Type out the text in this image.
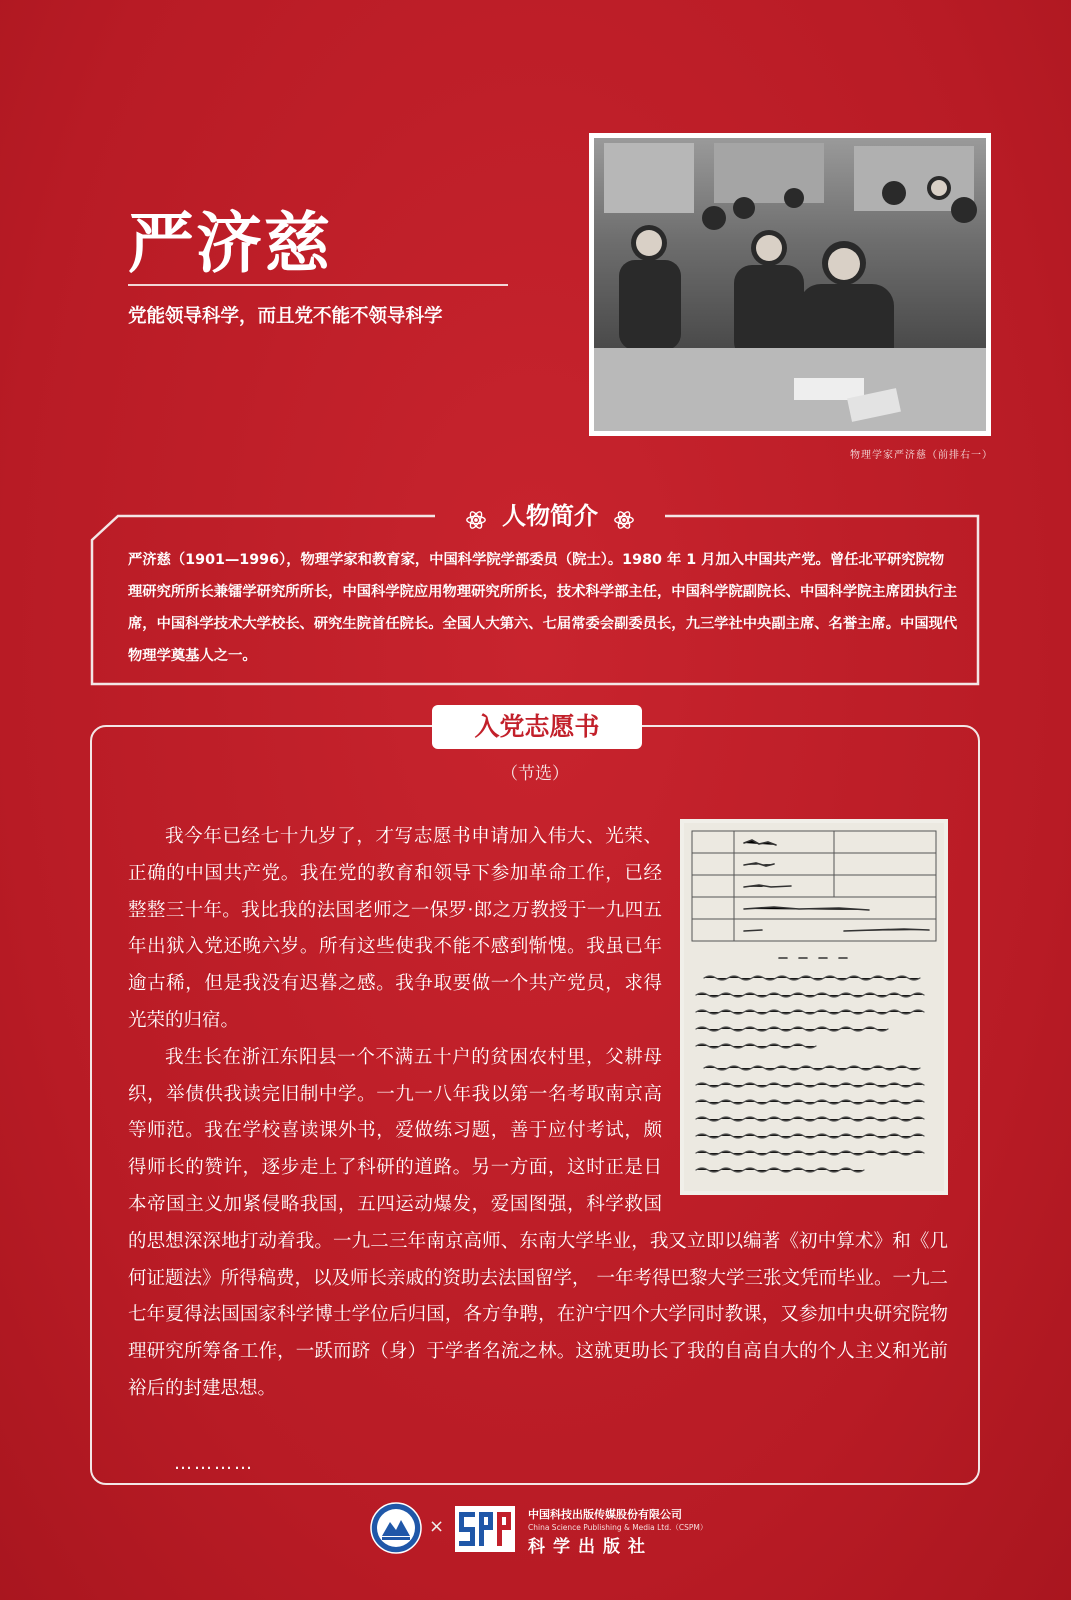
严济慈
党能领导科学，而且党不能不领导科学
物理学家严济慈（前排右一）
人物简介

严济慈（1901—1996），物理学家和教育家，中国科学院学部委员（院士）。1980 年 1 月加入中国共产党。曾任北平研究院物理研究所所长兼镭学研究所所长，中国科学院应用物理研究所所长，技术科学部主任，中国科学院副院长、中国科学院主席团执行主席，中国科学技术大学校长、研究生院首任院长。全国人大第六、七届常委会副委员长，九三学社中央副主席、名誉主席。中国现代物理学奠基人之一。

入党志愿书
（节选）

我今年已经七十九岁了，才写志愿书申请加入伟大、光荣、正确的中国共产党。我在党的教育和领导下参加革命工作，已经整整三十年。我比我的法国老师之一保罗·郎之万教授于一九四五年出狱入党还晚六岁。所有这些使我不能不感到惭愧。我虽已年逾古稀，但是我没有迟暮之感。我争取要做一个共产党员，求得光荣的归宿。

我生长在浙江东阳县一个不满五十户的贫困农村里，父耕母织，举债供我读完旧制中学。一九一八年我以第一名考取南京高等师范。我在学校喜读课外书，爱做练习题，善于应付考试，颇得师长的赞许，逐步走上了科研的道路。另一方面，这时正是日本帝国主义加紧侵略我国，五四运动爆发，爱国图强，科学救国的思想深深地打动着我。一九二三年南京高师、东南大学毕业，我又立即以编著《初中算术》和《几何证题法》所得稿费，以及师长亲戚的资助去法国留学， 一年考得巴黎大学三张文凭而毕业。一九二七年夏得法国国家科学博士学位后归国，各方争聘，在沪宁四个大学同时教课，又参加中央研究院物理研究所筹备工作，一跃而跻（身）于学者名流之林。这就更助长了我的自高自大的个人主义和光前裕后的封建思想。

…………
×
中国科技出版传媒股份有限公司
China Science Publishing & Media Ltd.（CSPM）
科学出版社
